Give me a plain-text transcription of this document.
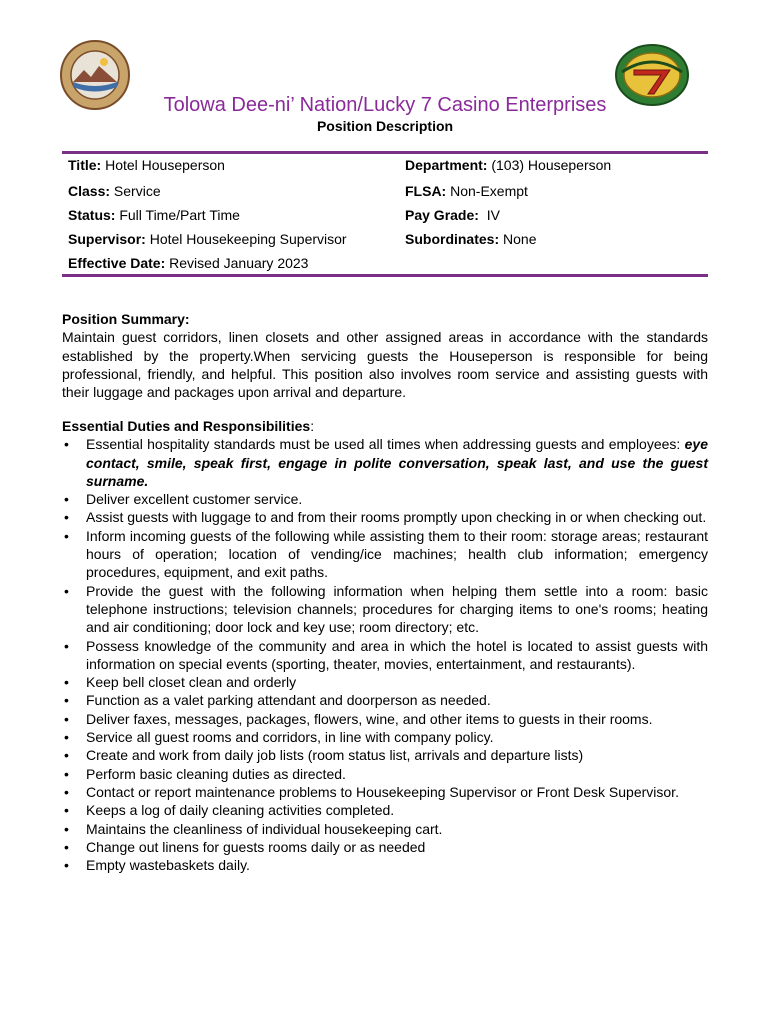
Tolowa Dee-ni’ Nation/Lucky 7 Casino Enterprises
Position Description
Title: Hotel Houseperson	Department: (103) Houseperson
Class: Service	FLSA: Non-Exempt
Status: Full Time/Part Time	Pay Grade:  IV
Supervisor: Hotel Housekeeping Supervisor	Subordinates: None
Effective Date: Revised January 2023
Position Summary:
Maintain guest corridors, linen closets and other assigned areas in accordance with the standards established by the property.When servicing guests the Houseperson is responsible for being professional, friendly, and helpful. This position also involves room service and assisting guests with their luggage and packages upon arrival and departure.
Essential Duties and Responsibilities:
• Essential hospitality standards must be used all times when addressing guests and employees: eye contact, smile, speak first, engage in polite conversation, speak last, and use the guest surname.
• Deliver excellent customer service.
• Assist guests with luggage to and from their rooms promptly upon checking in or when checking out.
• Inform incoming guests of the following while assisting them to their room: storage areas; restaurant hours of operation; location of vending/ice machines; health club information; emergency procedures, equipment, and exit paths.
• Provide the guest with the following information when helping them settle into a room: basic telephone instructions; television channels; procedures for charging items to one's rooms; heating and air conditioning; door lock and key use; room directory; etc.
• Possess knowledge of the community and area in which the hotel is located to assist guests with information on special events (sporting, theater, movies, entertainment, and restaurants).
• Keep bell closet clean and orderly
• Function as a valet parking attendant and doorperson as needed.
• Deliver faxes, messages, packages, flowers, wine, and other items to guests in their rooms.
• Service all guest rooms and corridors, in line with company policy.
• Create and work from daily job lists (room status list, arrivals and departure lists)
• Perform basic cleaning duties as directed.
• Contact or report maintenance problems to Housekeeping Supervisor or Front Desk Supervisor.
• Keeps a log of daily cleaning activities completed.
• Maintains the cleanliness of individual housekeeping cart.
• Change out linens for guests rooms daily or as needed
• Empty wastebaskets daily.
